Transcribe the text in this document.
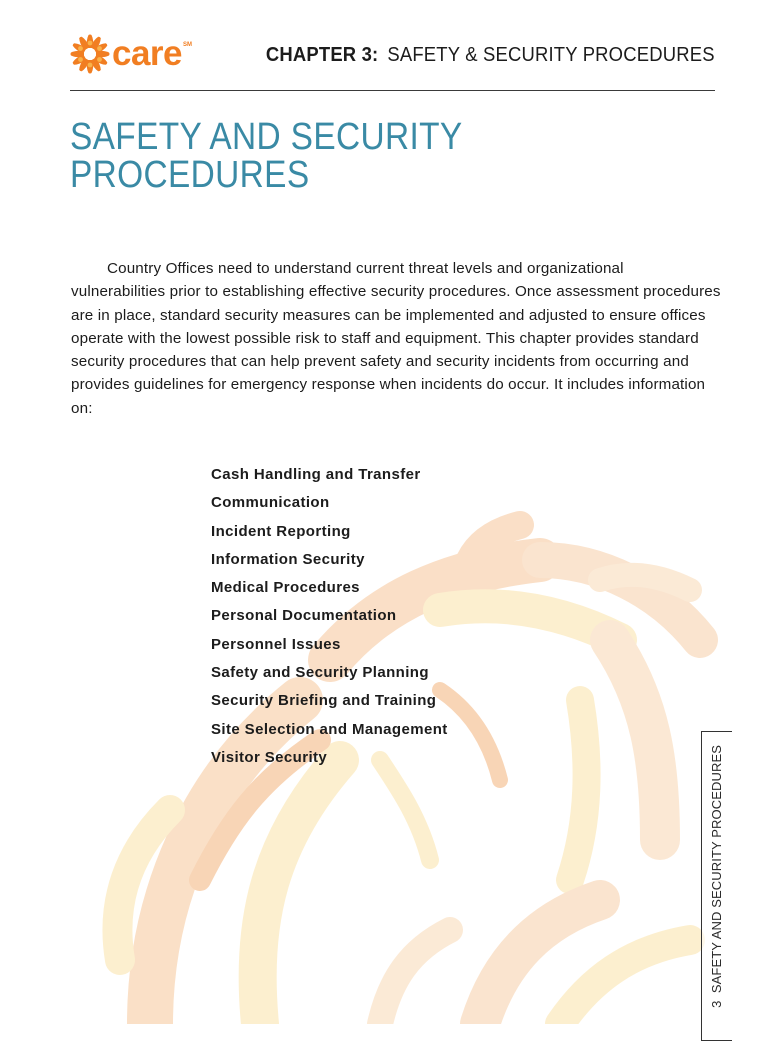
care SM	CHAPTER 3: SAFETY & SECURITY PROCEDURES
SAFETY AND SECURITY PROCEDURES

Country Offices need to understand current threat levels and organizational vulnerabilities prior to establishing effective security procedures. Once assessment procedures are in place, standard security measures can be implemented and adjusted to ensure offices operate with the lowest possible risk to staff and equipment. This chapter provides standard security procedures that can help prevent safety and security incidents from occurring and provides guidelines for emergency response when incidents do occur. It includes information on:

Cash Handling and Transfer
Communication
Incident Reporting
Information Security
Medical Procedures
Personal Documentation
Personnel Issues
Safety and Security Planning
Security Briefing and Training
Site Selection and Management
Visitor Security
3  SAFETY AND SECURITY PROCEDURES
